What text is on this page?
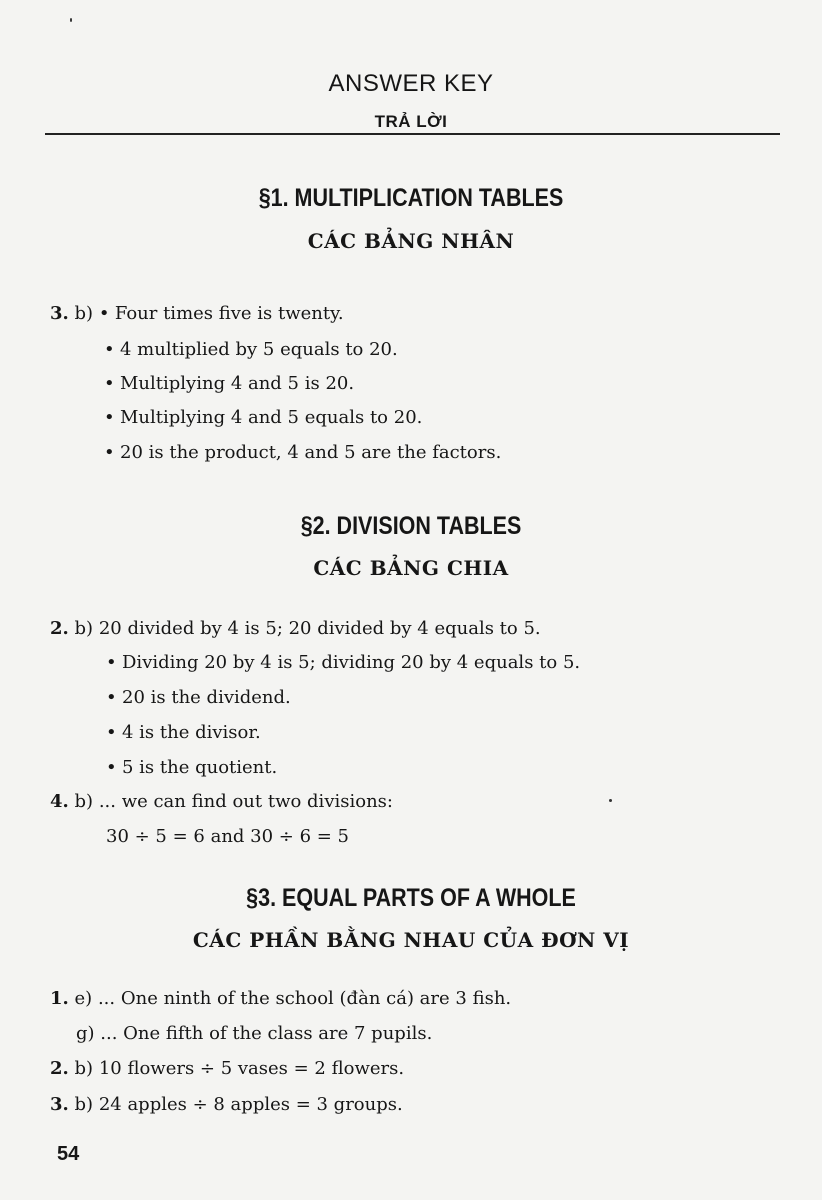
ANSWER KEY
TRẢ LỜI
§1. MULTIPLICATION TABLES
CÁC BẢNG NHÂN
3. b) • Four times five is twenty.
• 4 multiplied by 5 equals to 20.
• Multiplying 4 and 5 is 20.
• Multiplying 4 and 5 equals to 20.
• 20 is the product, 4 and 5 are the factors.
§2. DIVISION TABLES
CÁC BẢNG CHIA
2. b) 20 divided by 4 is 5; 20 divided by 4 equals to 5.
• Dividing 20 by 4 is 5; dividing 20 by 4 equals to 5.
• 20 is the dividend.
• 4 is the divisor.
• 5 is the quotient.
4. b) ... we can find out two divisions:
30 ÷ 5 = 6 and 30 ÷ 6 = 5
§3. EQUAL PARTS OF A WHOLE
CÁC PHẦN BẰNG NHAU CỦA ĐƠN VỊ
1. e) ... One ninth of the school (đàn cá) are 3 fish.
g) ... One fifth of the class are 7 pupils.
2. b) 10 flowers ÷ 5 vases = 2 flowers.
3. b) 24 apples ÷ 8 apples = 3 groups.
54
